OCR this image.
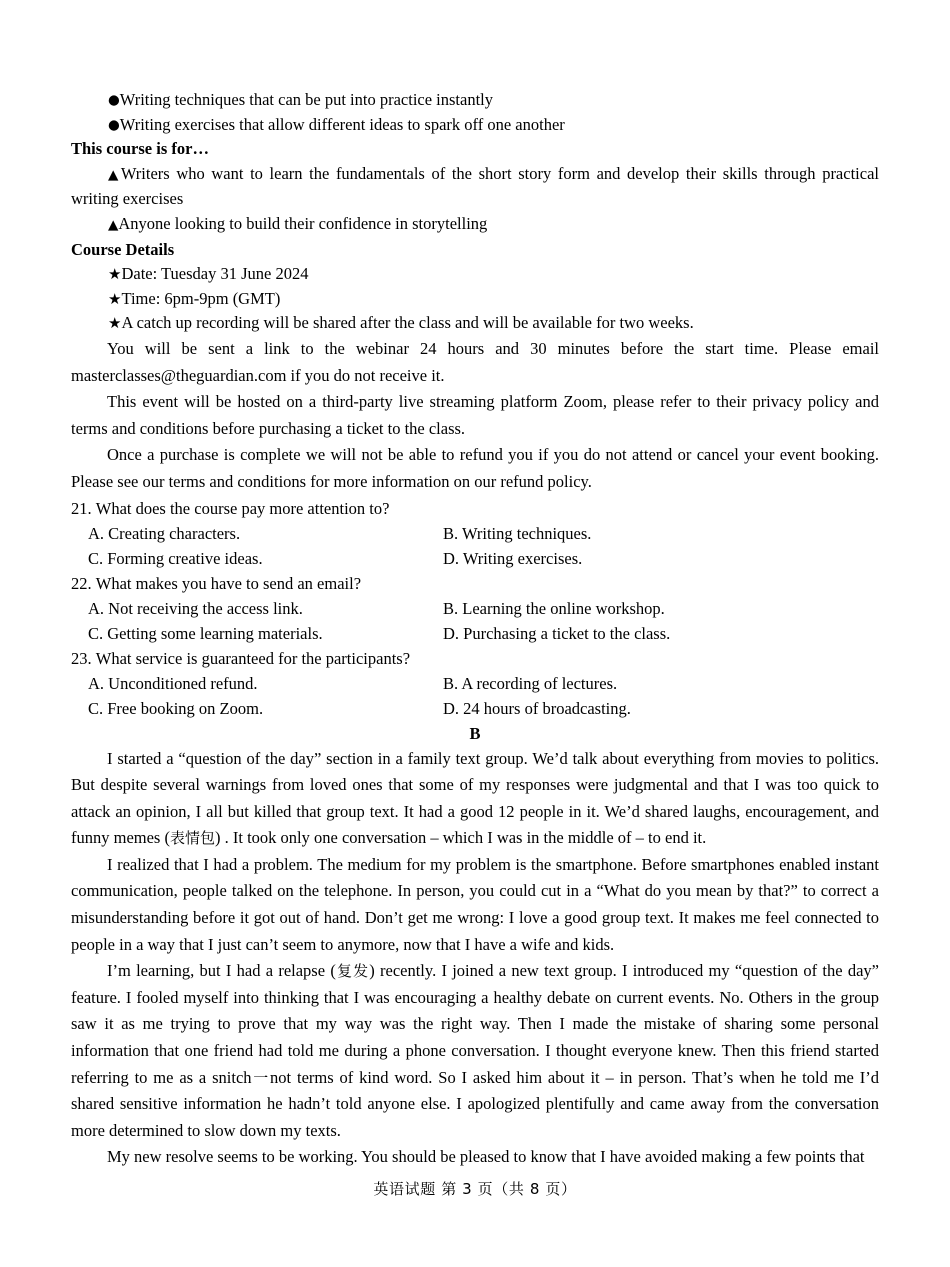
●Writing techniques that can be put into practice instantly
●Writing exercises that allow different ideas to spark off one another
This course is for…

▲Writers who want to learn the fundamentals of the short story form and develop their skills through practical writing exercises

▲Anyone looking to build their confidence in storytelling
Course Details
★Date: Tuesday 31 June 2024
★Time: 6pm-9pm (GMT)
★A catch up recording will be shared after the class and will be available for two weeks.

You will be sent a link to the webinar 24 hours and 30 minutes before the start time. Please email masterclasses@theguardian.com if you do not receive it.

This event will be hosted on a third-party live streaming platform Zoom, please refer to their privacy policy and terms and conditions before purchasing a ticket to the class.

Once a purchase is complete we will not be able to refund you if you do not attend or cancel your event booking. Please see our terms and conditions for more information on our refund policy.

21. What does the course pay more attention to?
A. Creating characters.	B. Writing techniques.
C. Forming creative ideas.	D. Writing exercises.
22. What makes you have to send an email?
A. Not receiving the access link.	B. Learning the online workshop.
C. Getting some learning materials.	D. Purchasing a ticket to the class.
23. What service is guaranteed for the participants?
A. Unconditioned refund.	B. A recording of lectures.
C. Free booking on Zoom.	D. 24 hours of broadcasting.
B

I started a “question of the day” section in a family text group. We’d talk about everything from movies to politics. But despite several warnings from loved ones that some of my responses were judgmental and that I was too quick to attack an opinion, I all but killed that group text. It had a good 12 people in it. We’d shared laughs, encouragement, and funny memes (表情包) . It took only one conversation – which I was in the middle of – to end it.

I realized that I had a problem. The medium for my problem is the smartphone. Before smartphones enabled instant communication, people talked on the telephone. In person, you could cut in a “What do you mean by that?” to correct a misunderstanding before it got out of hand. Don’t get me wrong: I love a good group text. It makes me feel connected to people in a way that I just can’t seem to anymore, now that I have a wife and kids.

I’m learning, but I had a relapse (复发) recently. I joined a new text group. I introduced my “question of the day” feature. I fooled myself into thinking that I was encouraging a healthy debate on current events. No. Others in the group saw it as me trying to prove that my way was the right way. Then I made the mistake of sharing some personal information that one friend had told me during a phone conversation. I thought everyone knew. Then this friend started referring to me as a snitch一not terms of kind word. So I asked him about it – in person. That’s when he told me I’d shared sensitive information he hadn’t told anyone else. I apologized plentifully and came away from the conversation more determined to slow down my texts.

My new resolve seems to be working. You should be pleased to know that I have avoided making a few points that

英语试题 第 3 页（共 8 页）
